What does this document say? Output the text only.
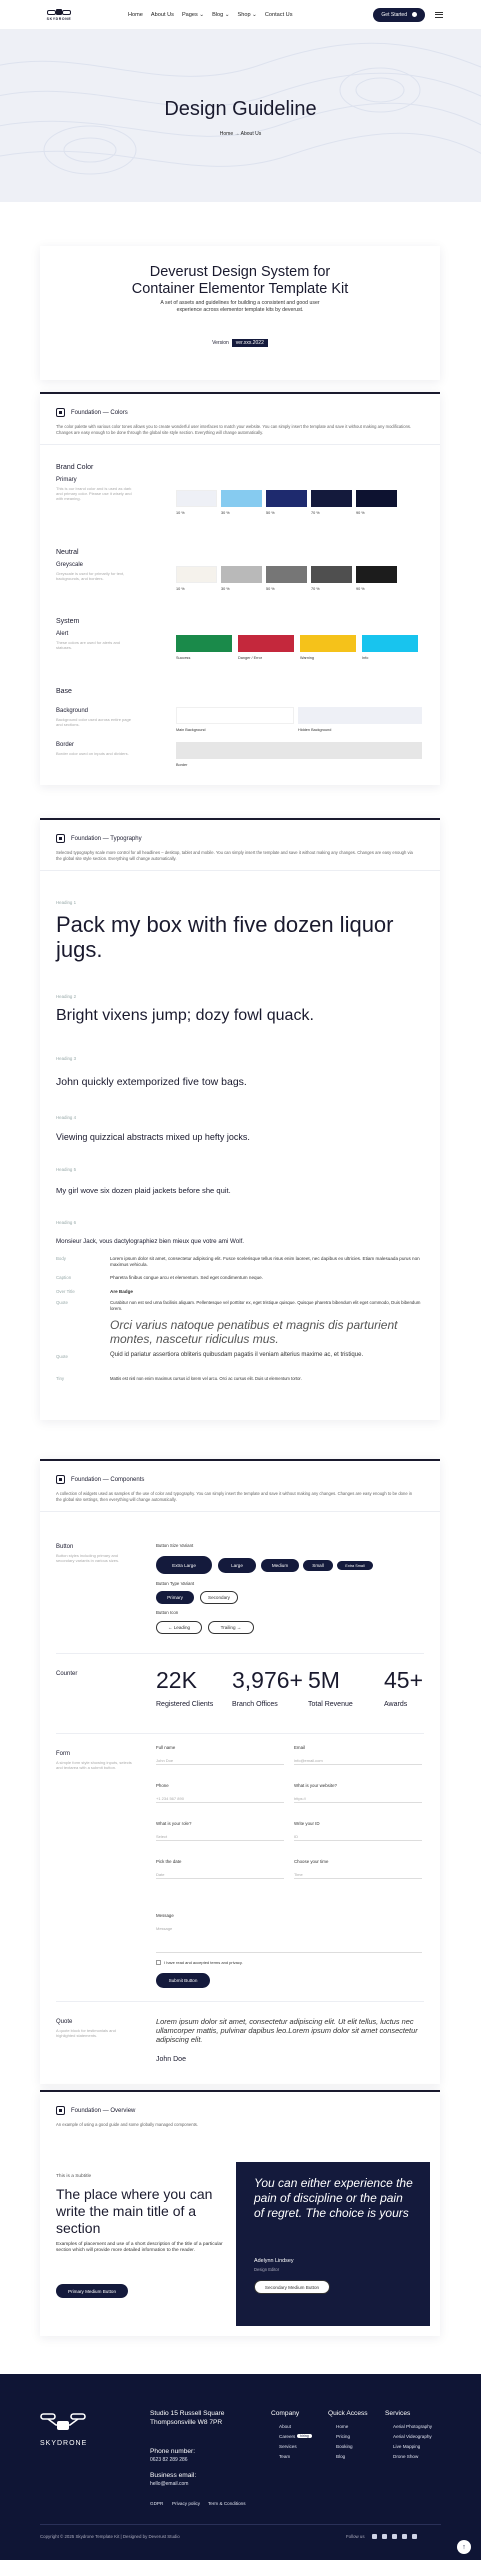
SKYDRONE
Home About Us Pages ⌄ Blog ⌄ Shop ⌄ Contact Us	Get Started
Design Guideline
Home → About Us
Deverust Design System for
Container Elementor Template Kit
A set of assets and guidelines for building a consistent and good user experience across elementor template kits by deverust.
Version ver.xxx.2022
Foundation — Colors
The color palette with various color tones allows you to create wonderful user interfaces to match your website. You can simply insert the template and save it without making any modifications. Changes are easy enough to be done through the global site style section. Everything will change automatically.
Brand Color
Primary
This is our brand color and is used as dark and primary color. Please use it wisely and with meaning.
10 %	30 %	50 %	70 %	90 %
Neutral
Greyscale
Greyscale is used for primarily for text, backgrounds, and borders.
10 %	30 %	50 %	70 %	90 %
System
Alert
These colors are used for alerts and statuses.
Success	Danger / Error	Warning	Info
Base
Background
Background color used across entire page and sections.
Main Background	Hidden Background
Border
Border color used on inputs and dividers.
Border
Foundation — Typography
Selected typography scale more control for all headlines – desktop, tablet and mobile. You can simply insert the template and save it without making any changes. Changes are easy enough via the global site style section. Everything will change automatically.
Heading 1
Pack my box with five dozen liquor jugs.
Heading 2
Bright vixens jump; dozy fowl quack.
Heading 3
John quickly extemporized five tow bags.
Heading 4
Viewing quizzical abstracts mixed up hefty jocks.
Heading 5
My girl wove six dozen plaid jackets before she quit.
Heading 6
Monsieur Jack, vous dactylographiez bien mieux que votre ami Wolf.
Body	Lorem ipsum dolor sit amet, consectetur adipiscing elit. Fusce scelerisque tellus risus enim laoreet, nec dapibus ex ultricies. Etiam malesuada purus non maximus vehicula.
Caption	Pharetra finibus congue arcu et elementum. Sed eget condimentum neque.
Over Title	Are Badge
Quote	Curabitur non est sed urna facilisis aliquam. Pellentesque vel porttitor ex, eget tristique quisque. Quisque pharetra bibendum elit eget commodo, Duis bibendum lorem.
Orci varius natoque penatibus et magnis dis parturient montes, nascetur ridiculus mus.
Quote	Quid id pariatur assertiora obliteris quibusdam pagatis il veniam alterius maxime ac, et tristique.
Tiny	Mattis est nisl non enim maximus cursus id lorem vel arcu. Orci ac cursus elit. Duis ut elementum tortor.
Foundation — Components
A collection of widgets used as samples of the use of color and typography. You can simply insert the template and save it without making any changes. Changes are easy enough to be done in the global site settings, then everything will change automatically.
Button
Button styles including primary and secondary variants in various sizes.
Button Size Variant
Extra Large	Large	Medium	Small	Extra Small
Button Type Variant
Primary	Secondary
Button Icon
← Leading	Trailing →
Counter	22K
Registered Clients
3,976+
Branch Offices
5M
Total Revenue
45+
Awards
Form
A simple form style showing inputs, selects and textarea with a submit button.
Full name
John Doe
Email
info@email.com
Phone
+1 234 567 890
What is your website?
https://
What is your role?
Select
Write your ID
ID
Pick the date
Date
Choose your time
Time
Message
Message
I have read and accepted terms and privacy.
Submit Button
Quote
A quote block for testimonials and highlighted statements.
Lorem ipsum dolor sit amet, consectetur adipiscing elit. Ut elit tellus, luctus nec ullamcorper mattis, pulvinar dapibus leo.Lorem ipsum dolor sit amet consectetur adipiscing elit.
John Doe
Foundation — Overview
An example of using a good guide and some globally managed components.
This is a Subtitle
The place where you can write the main title of a section
Examples of placement and use of a short description of the title of a particular section which will provide more detailed information to the reader.
Primary Medium Button
You can either experience the pain of discipline or the pain of regret. The choice is yours
Adelynn Lindsey
Design Editor
Secondary Medium Button
SKYDRONE
Studio 15 Russell Square
Thompsonsville W8 7PR
Phone number:
0623 82 289 286
Business email:
hello@email.com
GDPR Privacy policy Term & Conditions
Company
About
Careers	hiring
Services
Team
Quick Access
Home
Pricing
Booking
Blog
Services
Aerial Photography
Aerial Videography
Live Mapping
Drone Show
Copyright © 2025 Skydrone Template Kit | Designed by Deverust Studio	Follow us
↑
